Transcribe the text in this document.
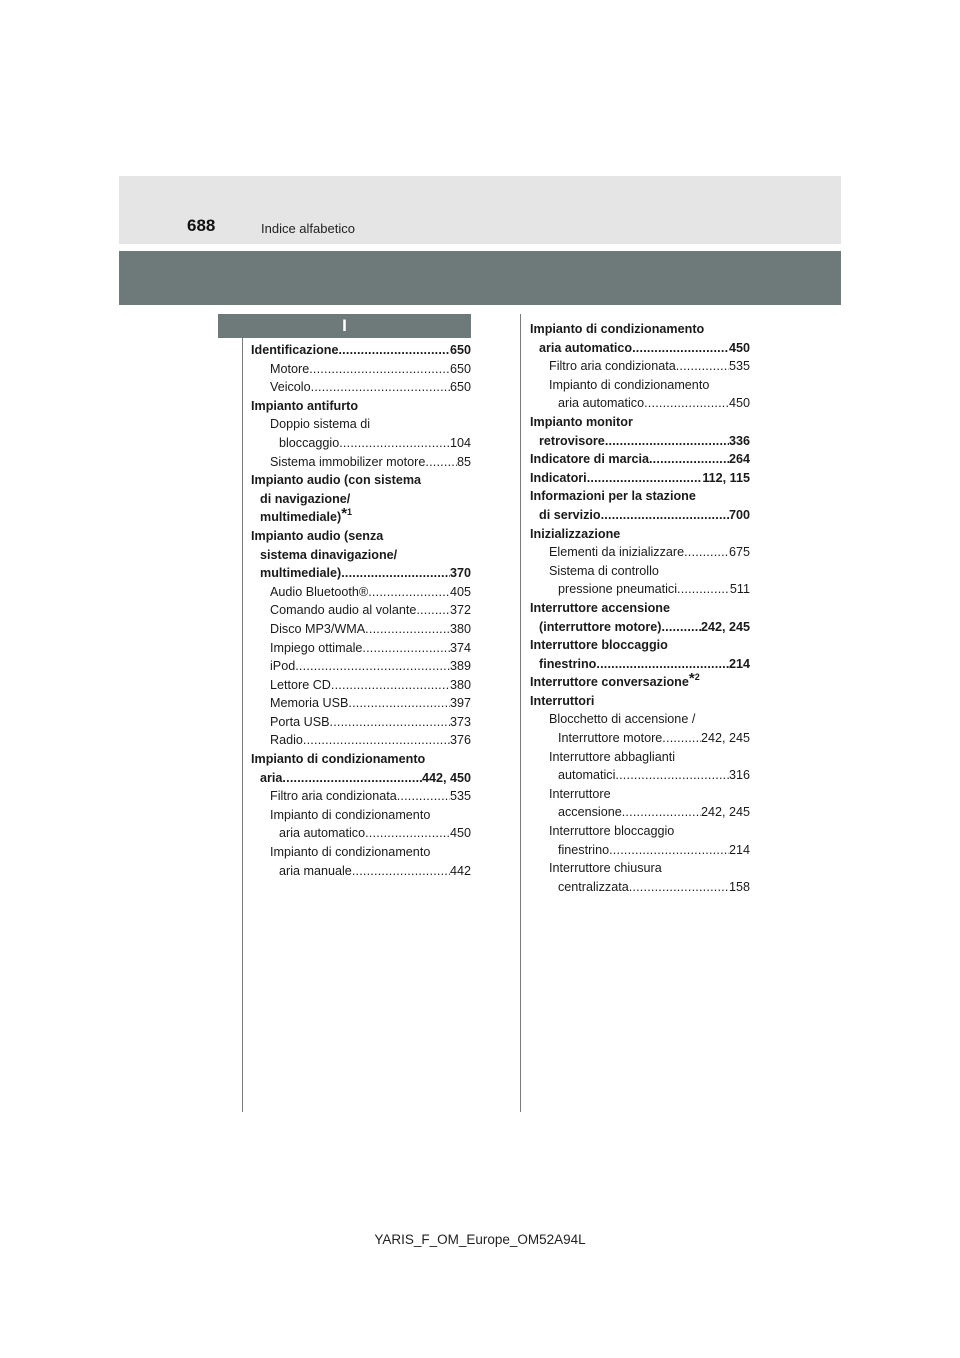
688	Indice alfabetico
I
Identificazione .....	650
Motore .....	650
Veicolo .....	650
Impianto antifurto
Doppio sistema di
bloccaggio .....	104
Sistema immobilizer motore .....	85
Impianto audio (con sistema
di navigazione/
multimediale)$^{*1}$
Impianto audio (senza
sistema dinavigazione/
multimediale) .....	370
Audio Bluetooth® .....	405
Comando audio al volante .....	372
Disco MP3/WMA .....	380
Impiego ottimale .....	374
iPod .....	389
Lettore CD .....	380
Memoria USB .....	397
Porta USB .....	373
Radio .....	376
Impianto di condizionamento
aria .....	442, 450
Filtro aria condizionata .....	535
Impianto di condizionamento
aria automatico .....	450
Impianto di condizionamento
aria manuale .....	442
Impianto di condizionamento
aria automatico .....	450
Filtro aria condizionata .....	535
Impianto di condizionamento
aria automatico .....	450
Impianto monitor
retrovisore .....	336
Indicatore di marcia .....	264
Indicatori .....	112, 115
Informazioni per la stazione
di servizio .....	700
Inizializzazione
Elementi da inizializzare .....	675
Sistema di controllo
pressione pneumatici .....	511
Interruttore accensione
(interruttore motore) .....	242, 245
Interruttore bloccaggio
finestrino .....	214
Interruttore conversazione$^{*2}$
Interruttori
Blocchetto di accensione /
Interruttore motore .....	242, 245
Interruttore abbaglianti
automatici .....	316
Interruttore
accensione .....	242, 245
Interruttore bloccaggio
finestrino .....	214
Interruttore chiusura
centralizzata .....	158
YARIS_F_OM_Europe_OM52A94L
